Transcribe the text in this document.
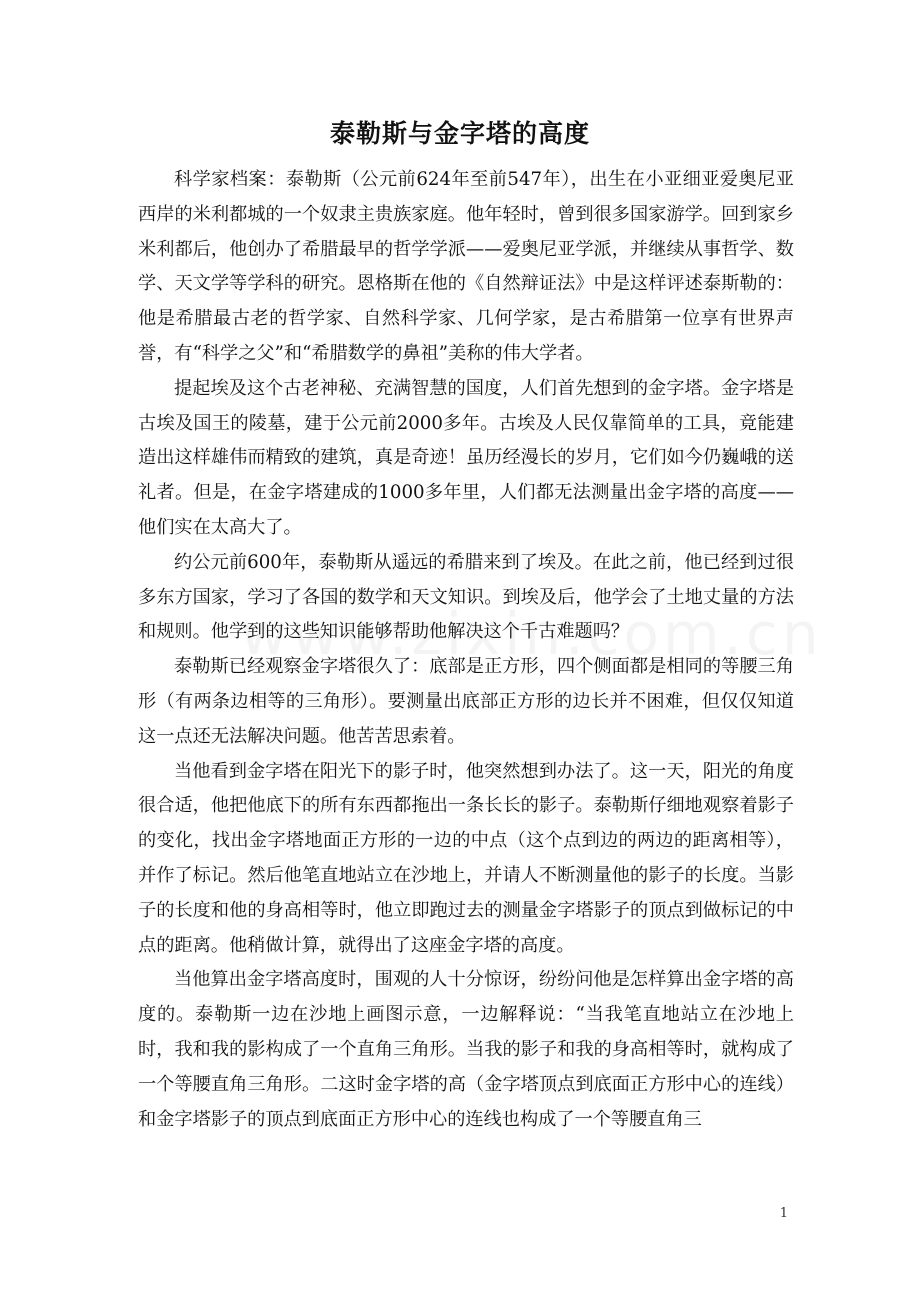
泰勒斯与金字塔的高度

科学家档案：泰勒斯（公元前624年至前547年），出生在小亚细亚爱奥尼亚西岸的米利都城的一个奴隶主贵族家庭。他年轻时，曾到很多国家游学。回到家乡米利都后，他创办了希腊最早的哲学学派——爱奥尼亚学派，并继续从事哲学、数学、天文学等学科的研究。恩格斯在他的《自然辩证法》中是这样评述泰斯勒的：他是希腊最古老的哲学家、自然科学家、几何学家，是古希腊第一位享有世界声誉，有“科学之父”和“希腊数学的鼻祖”美称的伟大学者。

提起埃及这个古老神秘、充满智慧的国度，人们首先想到的金字塔。金字塔是古埃及国王的陵墓，建于公元前2000多年。古埃及人民仅靠简单的工具，竟能建造出这样雄伟而精致的建筑，真是奇迹！虽历经漫长的岁月，它们如今仍巍峨的送礼者。但是，在金字塔建成的1000多年里，人们都无法测量出金字塔的高度——他们实在太高大了。

约公元前600年，泰勒斯从遥远的希腊来到了埃及。在此之前，他已经到过很多东方国家，学习了各国的数学和天文知识。到埃及后，他学会了土地丈量的方法和规则。他学到的这些知识能够帮助他解决这个千古难题吗？

泰勒斯已经观察金字塔很久了：底部是正方形，四个侧面都是相同的等腰三角形（有两条边相等的三角形）。要测量出底部正方形的边长并不困难，但仅仅知道这一点还无法解决问题。他苦苦思索着。

当他看到金字塔在阳光下的影子时，他突然想到办法了。这一天，阳光的角度很合适，他把他底下的所有东西都拖出一条长长的影子。泰勒斯仔细地观察着影子的变化，找出金字塔地面正方形的一边的中点（这个点到边的两边的距离相等），并作了标记。然后他笔直地站立在沙地上，并请人不断测量他的影子的长度。当影子的长度和他的身高相等时，他立即跑过去的测量金字塔影子的顶点到做标记的中点的距离。他稍做计算，就得出了这座金字塔的高度。

当他算出金字塔高度时，围观的人十分惊讶，纷纷问他是怎样算出金字塔的高度的。泰勒斯一边在沙地上画图示意，一边解释说：“当我笔直地站立在沙地上时，我和我的影构成了一个直角三角形。当我的影子和我的身高相等时，就构成了一个等腰直角三角形。二这时金字塔的高（金字塔顶点到底面正方形中心的连线）和金字塔影子的顶点到底面正方形中心的连线也构成了一个等腰直角三

1
